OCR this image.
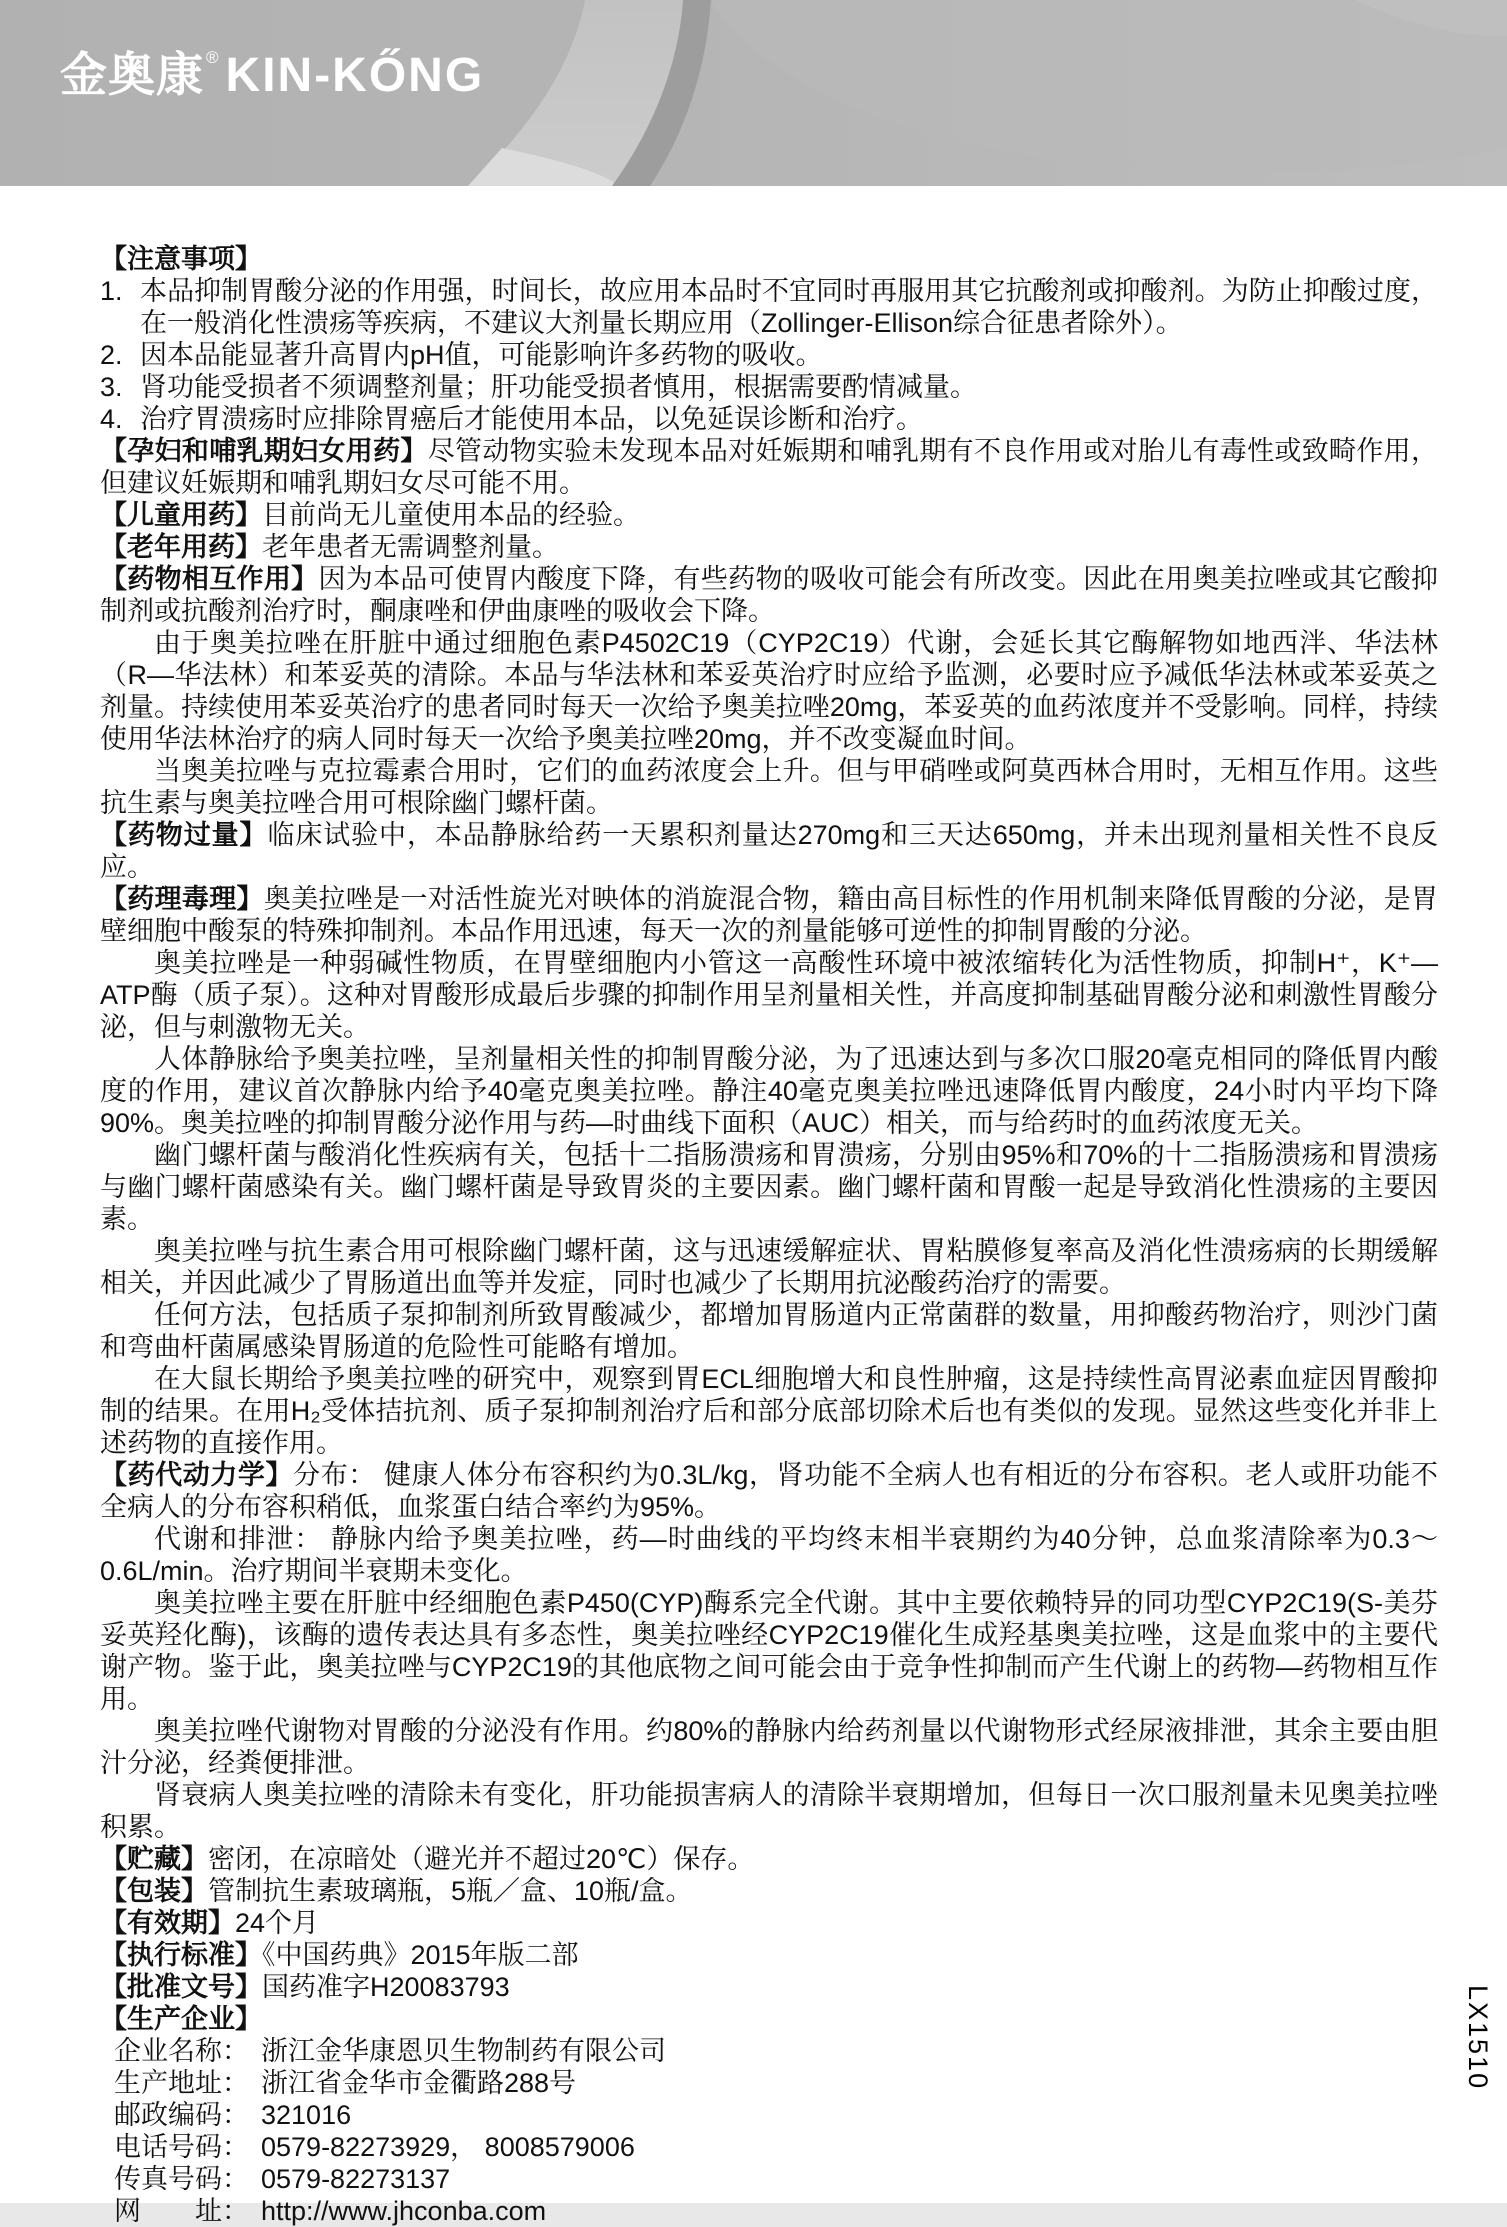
金奥康 ® KIN-KŐNG

【注意事项】

1. 本品抑制胃酸分泌的作用强，时间长，故应用本品时不宜同时再服用其它抗酸剂或抑酸剂。为防止抑酸过度，在一般消化性溃疡等疾病，不建议大剂量长期应用（Zollinger-Ellison综合征患者除外）。

2. 因本品能显著升高胃内pH值，可能影响许多药物的吸收。

3. 肾功能受损者不须调整剂量；肝功能受损者慎用，根据需要酌情减量。

4. 治疗胃溃疡时应排除胃癌后才能使用本品，以免延误诊断和治疗。

【孕妇和哺乳期妇女用药】尽管动物实验未发现本品对妊娠期和哺乳期有不良作用或对胎儿有毒性或致畸作用，但建议妊娠期和哺乳期妇女尽可能不用。

【儿童用药】目前尚无儿童使用本品的经验。

【老年用药】老年患者无需调整剂量。

【药物相互作用】因为本品可使胃内酸度下降，有些药物的吸收可能会有所改变。因此在用奥美拉唑或其它酸抑制剂或抗酸剂治疗时，酮康唑和伊曲康唑的吸收会下降。

由于奥美拉唑在肝脏中通过细胞色素P4502C19（CYP2C19）代谢，会延长其它酶解物如地西泮、华法林（R—华法林）和苯妥英的清除。本品与华法林和苯妥英治疗时应给予监测，必要时应予减低华法林或苯妥英之剂量。持续使用苯妥英治疗的患者同时每天一次给予奥美拉唑20mg，苯妥英的血药浓度并不受影响。同样，持续使用华法林治疗的病人同时每天一次给予奥美拉唑20mg，并不改变凝血时间。

当奥美拉唑与克拉霉素合用时，它们的血药浓度会上升。但与甲硝唑或阿莫西林合用时，无相互作用。这些抗生素与奥美拉唑合用可根除幽门螺杆菌。

【药物过量】临床试验中，本品静脉给药一天累积剂量达270mg和三天达650mg，并未出现剂量相关性不良反应。

【药理毒理】奥美拉唑是一对活性旋光对映体的消旋混合物，籍由高目标性的作用机制来降低胃酸的分泌，是胃壁细胞中酸泵的特殊抑制剂。本品作用迅速，每天一次的剂量能够可逆性的抑制胃酸的分泌。

奥美拉唑是一种弱碱性物质，在胃壁细胞内小管这一高酸性环境中被浓缩转化为活性物质，抑制H⁺，K⁺—ATP酶（质子泵）。这种对胃酸形成最后步骤的抑制作用呈剂量相关性，并高度抑制基础胃酸分泌和刺激性胃酸分泌，但与刺激物无关。

人体静脉给予奥美拉唑，呈剂量相关性的抑制胃酸分泌，为了迅速达到与多次口服20毫克相同的降低胃内酸度的作用，建议首次静脉内给予40毫克奥美拉唑。静注40毫克奥美拉唑迅速降低胃内酸度，24小时内平均下降90%。奥美拉唑的抑制胃酸分泌作用与药—时曲线下面积（AUC）相关，而与给药时的血药浓度无关。

幽门螺杆菌与酸消化性疾病有关，包括十二指肠溃疡和胃溃疡，分别由95%和70%的十二指肠溃疡和胃溃疡与幽门螺杆菌感染有关。幽门螺杆菌是导致胃炎的主要因素。幽门螺杆菌和胃酸一起是导致消化性溃疡的主要因素。

奥美拉唑与抗生素合用可根除幽门螺杆菌，这与迅速缓解症状、胃粘膜修复率高及消化性溃疡病的长期缓解相关，并因此减少了胃肠道出血等并发症，同时也减少了长期用抗泌酸药治疗的需要。

任何方法，包括质子泵抑制剂所致胃酸减少，都增加胃肠道内正常菌群的数量，用抑酸药物治疗，则沙门菌和弯曲杆菌属感染胃肠道的危险性可能略有增加。

在大鼠长期给予奥美拉唑的研究中，观察到胃ECL细胞增大和良性肿瘤，这是持续性高胃泌素血症因胃酸抑制的结果。在用H₂受体拮抗剂、质子泵抑制剂治疗后和部分底部切除术后也有类似的发现。显然这些变化并非上述药物的直接作用。

【药代动力学】分布： 健康人体分布容积约为0.3L/kg，肾功能不全病人也有相近的分布容积。老人或肝功能不全病人的分布容积稍低，血浆蛋白结合率约为95%。

代谢和排泄： 静脉内给予奥美拉唑，药—时曲线的平均终末相半衰期约为40分钟，总血浆清除率为0.3～0.6L/min。治疗期间半衰期未变化。

奥美拉唑主要在肝脏中经细胞色素P450(CYP)酶系完全代谢。其中主要依赖特异的同功型CYP2C19(S-美芬妥英羟化酶)，该酶的遗传表达具有多态性，奥美拉唑经CYP2C19催化生成羟基奥美拉唑，这是血浆中的主要代谢产物。鉴于此，奥美拉唑与CYP2C19的其他底物之间可能会由于竞争性抑制而产生代谢上的药物—药物相互作用。

奥美拉唑代谢物对胃酸的分泌没有作用。约80%的静脉内给药剂量以代谢物形式经尿液排泄，其余主要由胆汁分泌，经粪便排泄。

肾衰病人奥美拉唑的清除未有变化，肝功能损害病人的清除半衰期增加，但每日一次口服剂量未见奥美拉唑积累。

【贮藏】密闭，在凉暗处（避光并不超过20℃）保存。

【包装】管制抗生素玻璃瓶，5瓶／盒、10瓶/盒。

【有效期】24个月

【执行标准】《中国药典》2015年版二部

【批准文号】国药准字H20083793

【生产企业】

企业名称： 浙江金华康恩贝生物制药有限公司

生产地址： 浙江省金华市金衢路288号

邮政编码： 321016

电话号码： 0579-82273929， 8008579006

传真号码： 0579-82273137

网　　址： http://www.jhconba.com

LX1510
